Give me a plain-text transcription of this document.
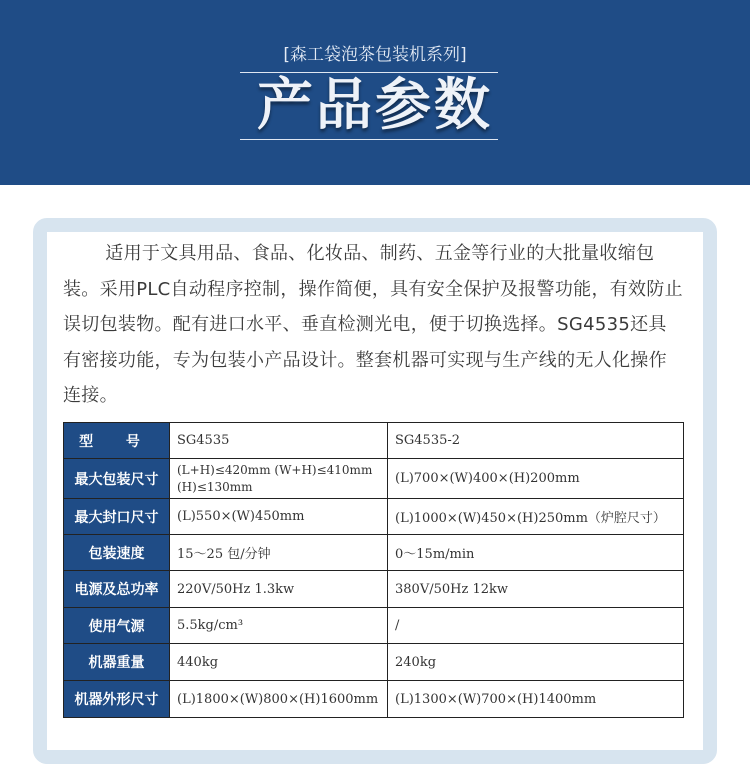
[森工袋泡茶包装机系列]
产品参数

适用于文具用品、食品、化妆品、制药、五金等行业的大批量收缩包装。采用PLC自动程序控制，操作简便，具有安全保护及报警功能，有效防止误切包装物。配有进口水平、垂直检测光电，便于切换选择。SG4535还具有密接功能，专为包装小产品设计。整套机器可实现与生产线的无人化操作连接。

型 号	SG4535	SG4535-2
最大包装尺寸	(L+H)≤420mm (W+H)≤410mm (H)≤130mm	(L)700×(W)400×(H)200mm
最大封口尺寸	(L)550×(W)450mm	(L)1000×(W)450×(H)250mm（炉腔尺寸）
包装速度	15～25 包/分钟	0～15m/min
电源及总功率	220V/50Hz 1.3kw	380V/50Hz 12kw
使用气源	5.5kg/cm³	/
机器重量	440kg	240kg
机器外形尺寸	(L)1800×(W)800×(H)1600mm	(L)1300×(W)700×(H)1400mm
